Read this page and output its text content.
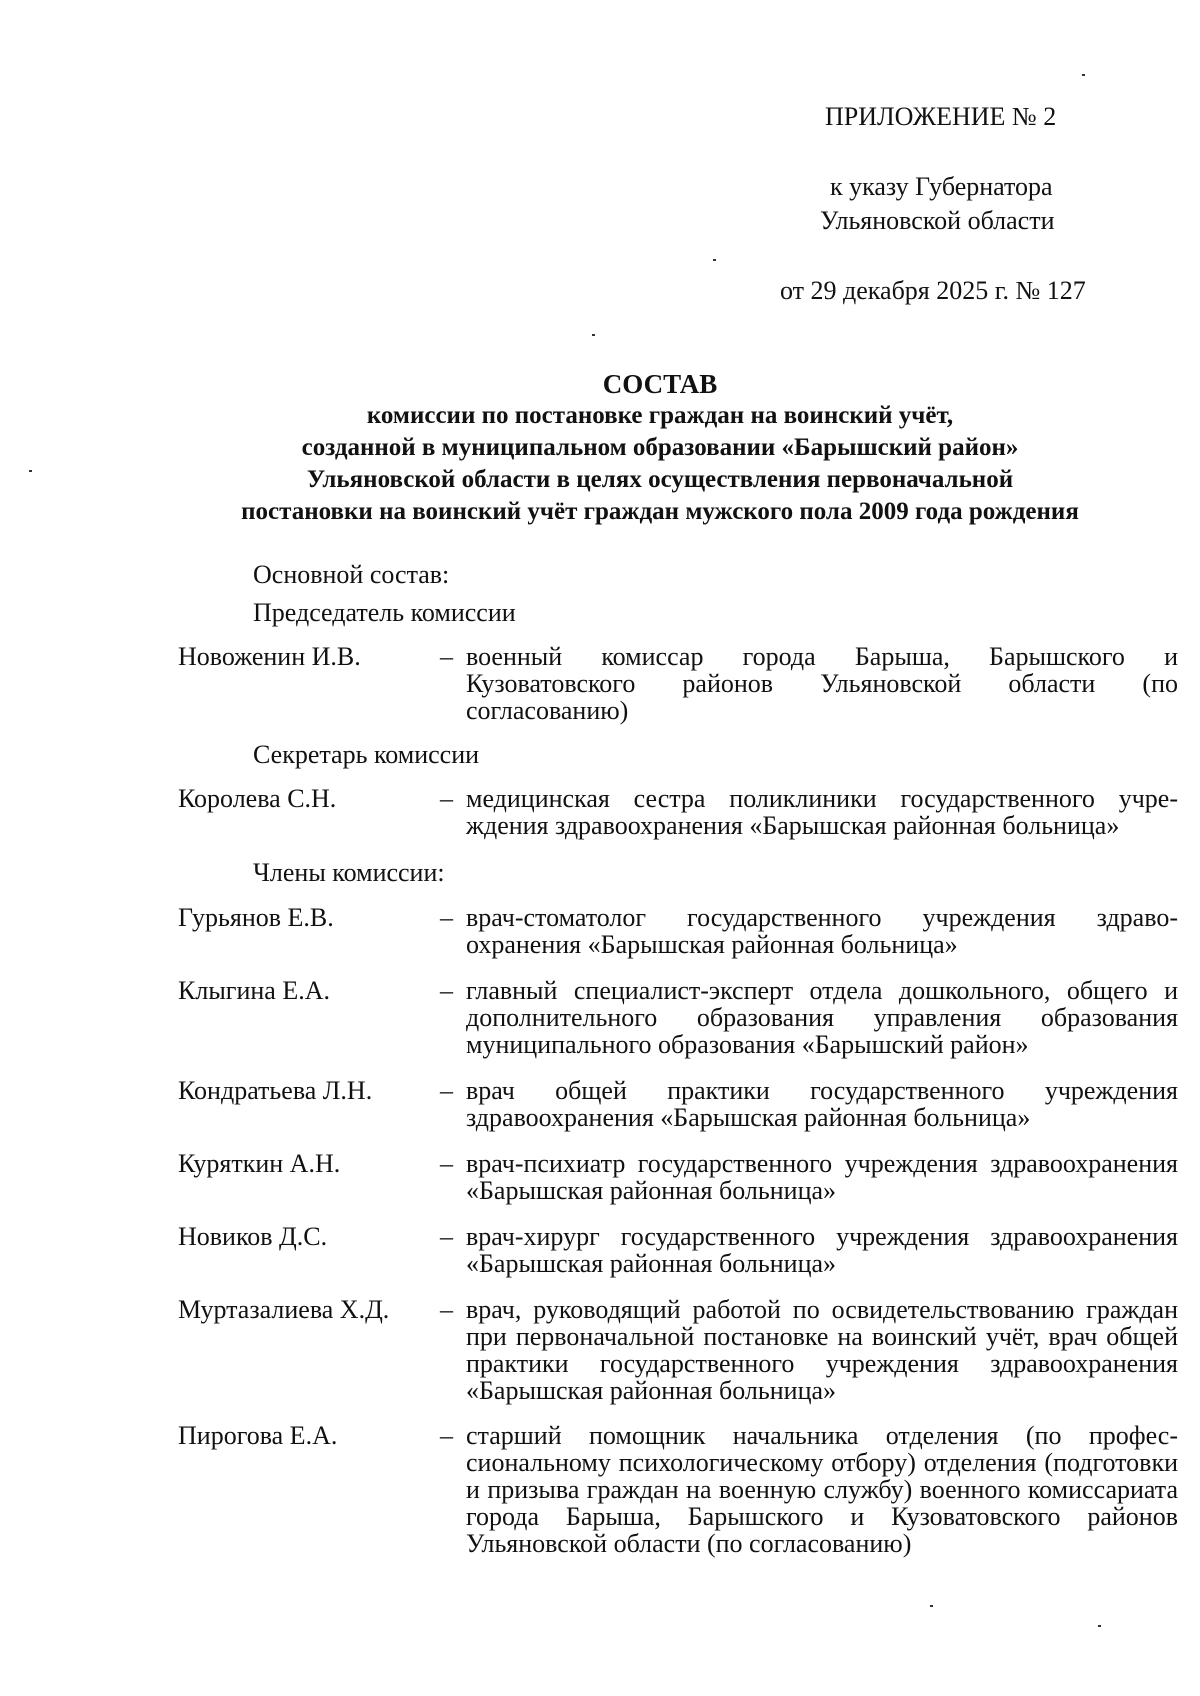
ПРИЛОЖЕНИЕ № 2
к указу Губернатора
Ульяновской области
от 29 декабря 2025 г. № 127
СОСТАВ
комиссии по постановке граждан на воинский учёт,
созданной в муниципальном образовании «Барышский район»
Ульяновской области в целях осуществления первоначальной
постановки на воинский учёт граждан мужского пола 2009 года рождения
Основной состав:
Председатель комиссии
Новоженин И.В.	– военный комиссар города Барыша, Барышского и Кузоватовского районов Ульяновской области (по согласованию)
Секретарь комиссии
Королева С.Н.	– медицинская сестра поликлиники государственного учреждения здравоохранения «Барышская районная больница»
Члены комиссии:
Гурьянов Е.В.	– врач-стоматолог государственного учреждения здравоохранения «Барышская районная больница»
Клыгина Е.А.	– главный специалист-эксперт отдела дошкольного, общего и дополнительного образования управления образования муниципального образования «Барышский район»
Кондратьева Л.Н.	– врач общей практики государственного учреждения здравоохранения «Барышская районная больница»
Куряткин А.Н.	– врач-психиатр государственного учреждения здравоохранения «Барышская районная больница»
Новиков Д.С.	– врач-хирург государственного учреждения здравоохранения «Барышская районная больница»
Муртазалиева Х.Д.	– врач, руководящий работой по освидетельствованию граждан при первоначальной постановке на воинский учёт, врач общей практики государственного учреждения здравоохранения «Барышская районная больница»
Пирогова Е.А.	– старший помощник начальника отделения (по профессиональному психологическому отбору) отделения (подготовки и призыва граждан на военную службу) военного комиссариата города Барыша, Барышского и Кузоватовского районов Ульяновской области (по согласованию)
